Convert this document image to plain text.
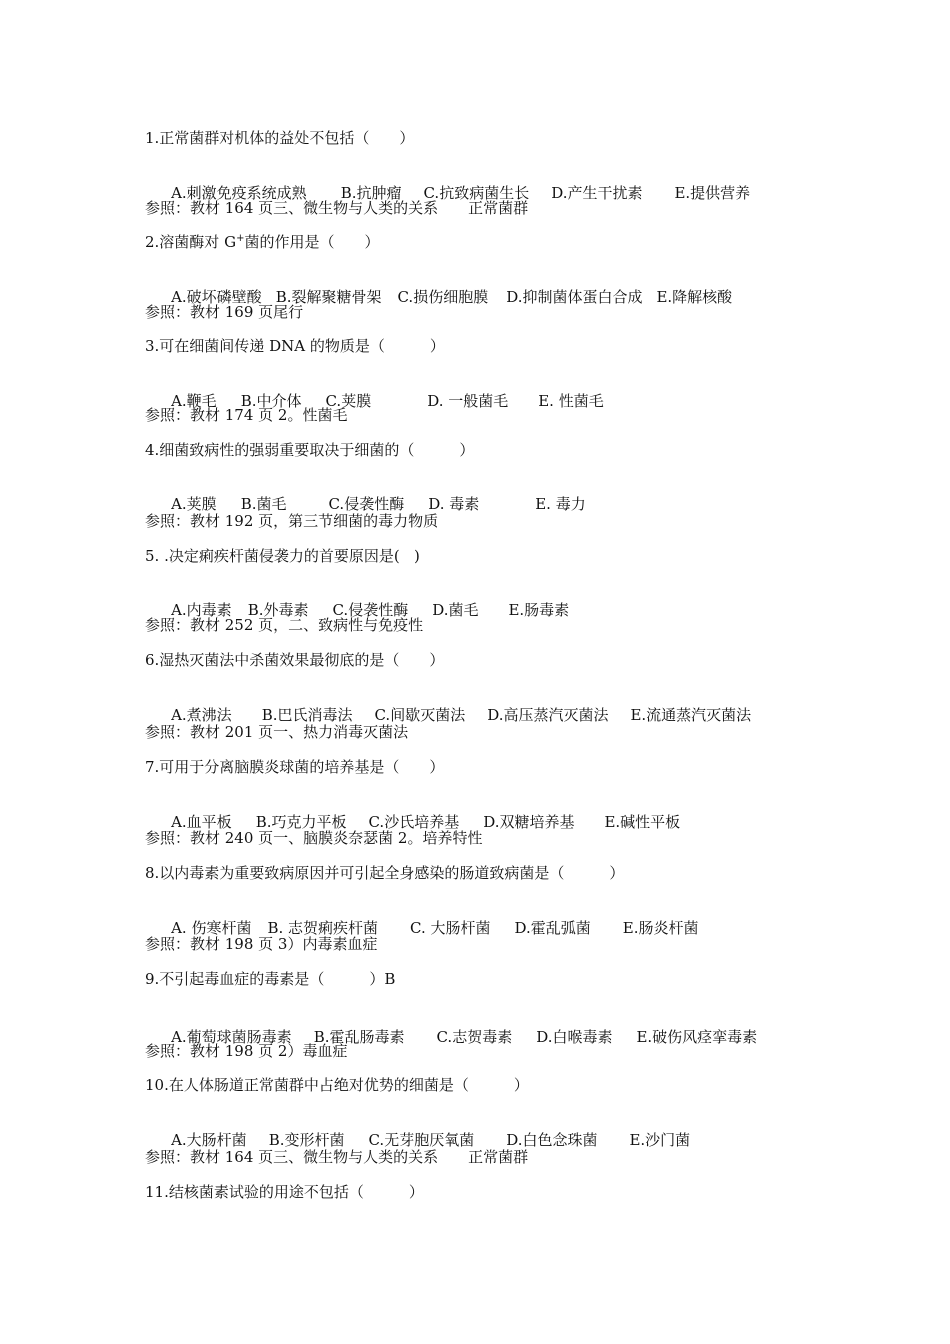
1.正常菌群对机体的益处不包括（　　）

A.刺激免疫系统成熟 B.抗肿瘤 C.抗致病菌生长 D.产生干扰素 E.提供营养

参照：教材 164 页三、微生物与人类的关系　　正常菌群
2.溶菌酶对 G+菌的作用是（　　）

A.破坏磷壁酸 B.裂解聚糖骨架 C.损伤细胞膜 D.抑制菌体蛋白合成 E.降解核酸

参照：教材 169 页尾行
3.可在细菌间传递 DNA 的物质是（　　　）

A.鞭毛 B.中介体 C.荚膜	D. 一般菌毛 E. 性菌毛

参照：教材 174 页 2。性菌毛
4.细菌致病性的强弱重要取决于细菌的（　　　）

A.荚膜 B.菌毛	C.侵袭性酶 D. 毒素	E. 毒力

参照：教材 192 页，第三节细菌的毒力物质
5. .决定痢疾杆菌侵袭力的首要原因是(   )

A.内毒素 B.外毒素 C.侵袭性酶 D.菌毛 E.肠毒素

参照：教材 252 页，二、致病性与免疫性
6.湿热灭菌法中杀菌效果最彻底的是（　　）

A.煮沸法 B.巴氏消毒法 C.间歇灭菌法 D.高压蒸汽灭菌法 E.流通蒸汽灭菌法

参照：教材 201 页一、热力消毒灭菌法
7.可用于分离脑膜炎球菌的培养基是（　　）

A.血平板 B.巧克力平板 C.沙氏培养基 D.双糖培养基 E.碱性平板

参照：教材 240 页一、脑膜炎奈瑟菌 2。培养特性
8.以内毒素为重要致病原因并可引起全身感染的肠道致病菌是（　　　）

A. 伤寒杆菌 B. 志贺痢疾杆菌 C. 大肠杆菌 D.霍乱弧菌 E.肠炎杆菌

参照：教材 198 页 3）内毒素血症
9.不引起毒血症的毒素是（　　　）B

A.葡萄球菌肠毒素 B.霍乱肠毒素 C.志贺毒素 D.白喉毒素 E.破伤风痉挛毒素

参照：教材 198 页 2）毒血症
10.在人体肠道正常菌群中占绝对优势的细菌是（　　　）

A.大肠杆菌 B.变形杆菌 C.无芽胞厌氧菌 D.白色念珠菌 E.沙门菌

参照：教材 164 页三、微生物与人类的关系　　正常菌群
11.结核菌素试验的用途不包括（　　　）
